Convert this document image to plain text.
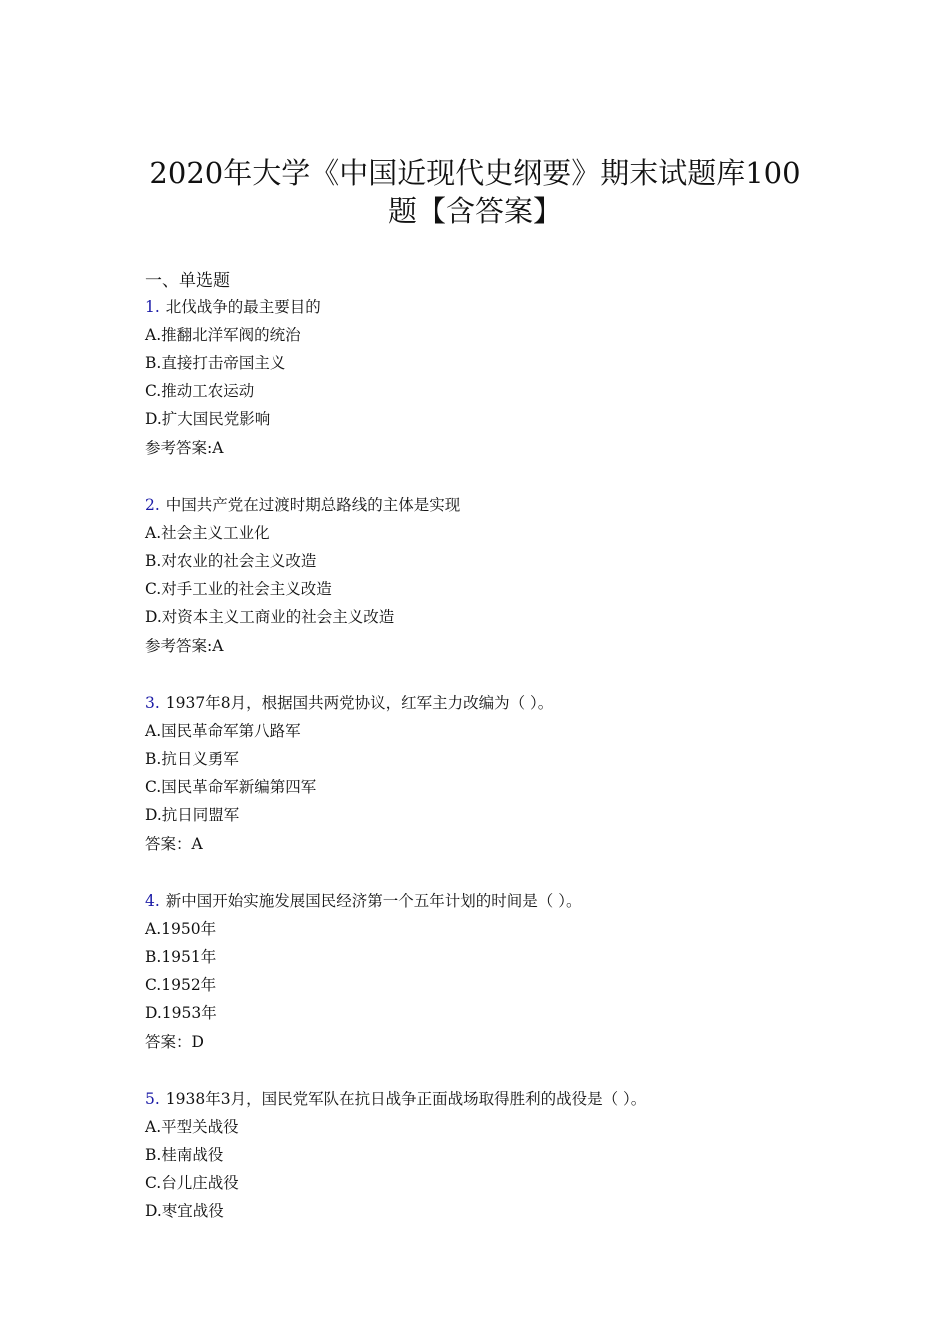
2020年大学《中国近现代史纲要》期末试题库100
题【含答案】
一、单选题
1. 北伐战争的最主要目的
A.推翻北洋军阀的统治
B.直接打击帝国主义
C.推动工农运动
D.扩大国民党影响
参考答案:A
2. 中国共产党在过渡时期总路线的主体是实现
A.社会主义工业化
B.对农业的社会主义改造
C.对手工业的社会主义改造
D.对资本主义工商业的社会主义改造
参考答案:A
3. 1937年8月，根据国共两党协议，红军主力改编为（ ）。
A.国民革命军第八路军
B.抗日义勇军
C.国民革命军新编第四军
D.抗日同盟军
答案：A
4. 新中国开始实施发展国民经济第一个五年计划的时间是（ ）。
A.1950年
B.1951年
C.1952年
D.1953年
答案：D
5. 1938年3月，国民党军队在抗日战争正面战场取得胜利的战役是（ ）。
A.平型关战役
B.桂南战役
C.台儿庄战役
D.枣宜战役
